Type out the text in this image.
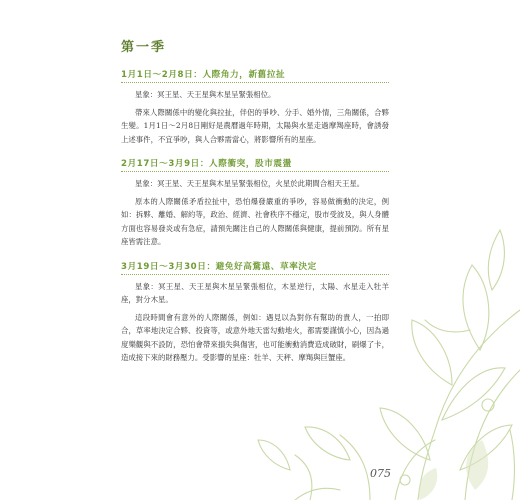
第一季
1月1日～2月8日：人際角力，新舊拉扯

星象：冥王星、天王星與木星呈緊張相位。

帶來人際關係中的變化與拉扯，伴侶的爭吵、分手、婚外情，三角關係，合夥生變。1月1日～2月8日剛好是農曆過年時期，太陽與水星走過摩羯座時，會誘發上述事件，不宜爭吵，與人合夥需當心，將影響所有的星座。

2月17日～3月9日：人際衝突，股市震盪

星象：冥王星、天王星與木星呈緊張相位，火星於此期間合相天王星。

原本的人際關係矛盾拉扯中，恐怕爆發嚴重的爭吵，容易做衝動的決定，例如：拆夥、離婚、解約等，政治、經濟、社會秩序不穩定，股市受波及，與人身體方面也容易發炎或有急症，請預先關注自己的人際關係與健康，提前預防。所有星座皆需注意。

3月19日～3月30日：避免好高騖遠、草率決定

星象：冥王星、天王星與木星呈緊張相位，木星逆行，太陽、水星走入牡羊座，對分木星。

這段時間會有意外的人際關係，例如：遇見以為對你有幫助的貴人，一拍即合，草率地決定合夥、投資等，或意外地天雷勾動地火，都需要謹慎小心，因為過度樂觀與不設防，恐怕會帶來損失與傷害，也可能衝動消費造成破財，刷爆了卡，造成接下來的財務壓力。受影響的星座：牡羊、天秤、摩羯與巨蟹座。

075
